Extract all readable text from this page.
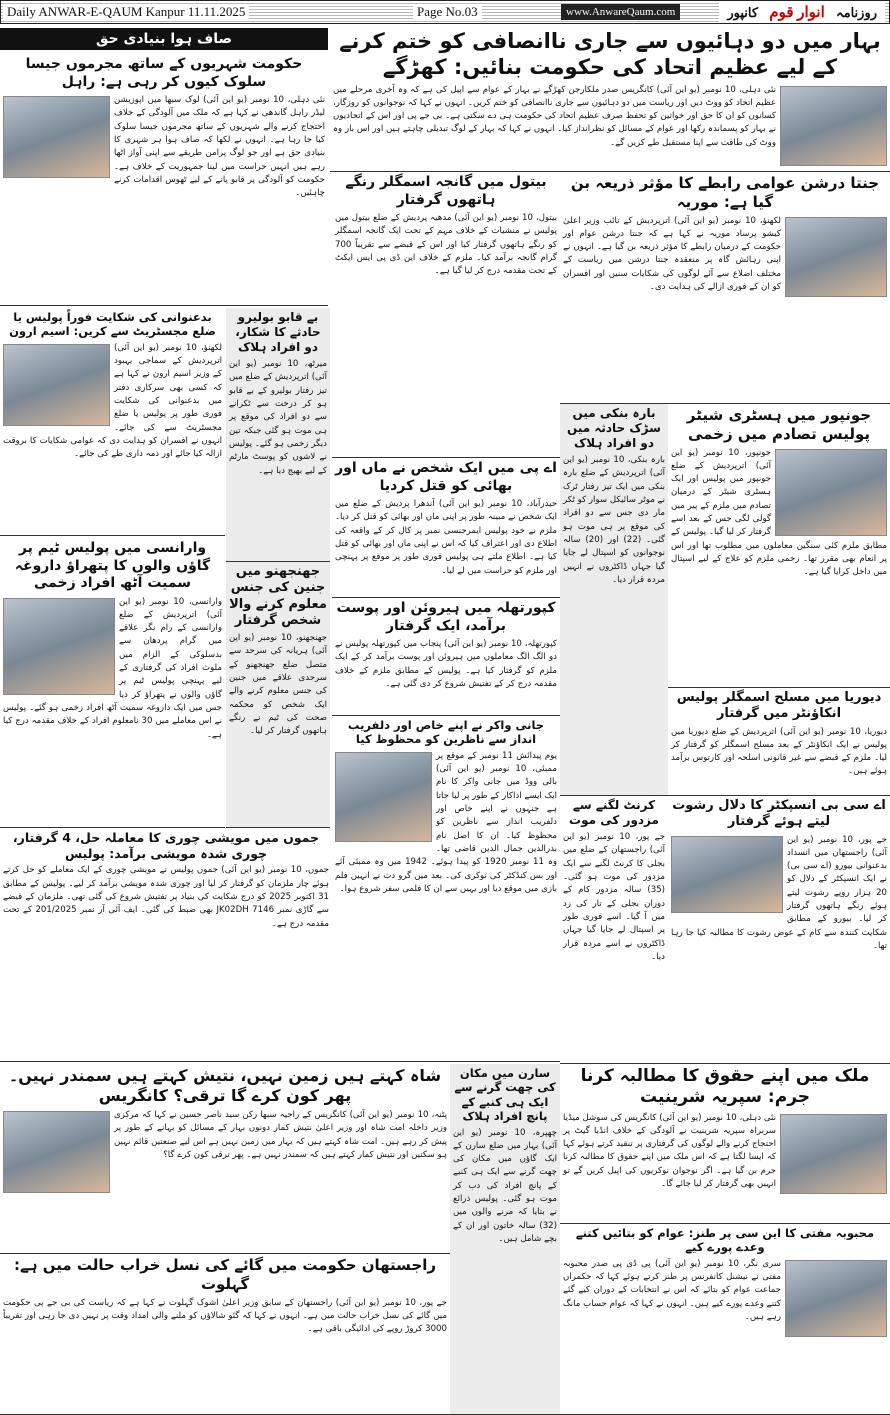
Daily ANWAR-E-QAUM Kanpur 11.11.2025	Page No.03	www.AnwareQaum.com	روزنامہ انوار قوم کانپور
صاف ہوا بنیادی حق	بہار میں دو دہائیوں سے جاری ناانصافی کو ختم کرنے کے لیے عظیم اتحاد کی حکومت بنائیں: کھڑگے
نئی دہلی، 10 نومبر (یو این آئی) کانگریس صدر ملکارجن کھڑگے نے بہار کے عوام سے اپیل کی ہے کہ وہ آخری مرحلے میں عظیم اتحاد کو ووٹ دیں اور ریاست میں دو دہائیوں سے جاری ناانصافی کو ختم کریں۔ انہوں نے کہا کہ نوجوانوں کو روزگار، کسانوں کو ان کا حق اور خواتین کو تحفظ صرف عظیم اتحاد کی حکومت ہی دے سکتی ہے۔ بی جے پی اور اس کے اتحادیوں نے بہار کو پسماندہ رکھا اور عوام کے مسائل کو نظرانداز کیا۔ انہوں نے کہا کہ بہار کے لوگ تبدیلی چاہتے ہیں اور اس بار وہ ووٹ کی طاقت سے اپنا مستقبل طے کریں گے۔
حکومت شہریوں کے ساتھ مجرموں جیسا سلوک کیوں کر رہی ہے: راہل
نئی دہلی، 10 نومبر (یو این آئی) لوک سبھا میں اپوزیشن لیڈر راہل گاندھی نے کہا ہے کہ ملک میں آلودگی کے خلاف احتجاج کرنے والے شہریوں کے ساتھ مجرموں جیسا سلوک کیا جا رہا ہے۔ انہوں نے لکھا کہ صاف ہوا ہر شہری کا بنیادی حق ہے اور جو لوگ پرامن طریقے سے اپنی آواز اٹھا رہے ہیں انہیں حراست میں لینا جمہوریت کے خلاف ہے۔ حکومت کو آلودگی پر قابو پانے کے لیے ٹھوس اقدامات کرنے چاہئیں۔
بدعنوانی کی شکایت فوراً پولیس یا ضلع مجسٹریٹ سے کریں: اسیم ارون
لکھنؤ، 10 نومبر (یو این آئی) اترپردیش کے سماجی بہبود کے وزیر اسیم ارون نے کہا ہے کہ کسی بھی سرکاری دفتر میں بدعنوانی کی شکایت فوری طور پر پولیس یا ضلع مجسٹریٹ سے کی جائے۔ انہوں نے افسران کو ہدایت دی کہ عوامی شکایات کا بروقت ازالہ کیا جائے اور ذمہ داری طے کی جائے۔
بے قابو بولیرو حادثے کا شکار، دو افراد ہلاک
میرٹھ، 10 نومبر (یو این آئی) اترپردیش کے ضلع میں تیز رفتار بولیرو کے بے قابو ہو کر درخت سے ٹکرانے سے دو افراد کی موقع پر ہی موت ہو گئی جبکہ تین دیگر زخمی ہو گئے۔ پولیس نے لاشوں کو پوسٹ مارٹم کے لیے بھیج دیا ہے۔
جھنجھنو میں جنین کی جنس معلوم کرنے والا شخص گرفتار
جھنجھنو، 10 نومبر (یو این آئی) ہریانہ کی سرحد سے متصل ضلع جھنجھنو کے سرحدی علاقے میں جنین کی جنس معلوم کرنے والے ایک شخص کو محکمہ صحت کی ٹیم نے رنگے ہاتھوں گرفتار کر لیا۔
وارانسی میں پولیس ٹیم پر گاؤں والوں کا پتھراؤ داروغہ سمیت آٹھ افراد زخمی
وارانسی، 10 نومبر (یو این آئی) اترپردیش کے ضلع وارانسی کے رام نگر علاقے میں گرام پردھان سے بدسلوکی کے الزام میں ملوث افراد کی گرفتاری کے لیے پہنچی پولیس ٹیم پر گاؤں والوں نے پتھراؤ کر دیا جس میں ایک داروغہ سمیت آٹھ افراد زخمی ہو گئے۔ پولیس نے اس معاملے میں 30 نامعلوم افراد کے خلاف مقدمہ درج کیا ہے۔
جنتا درشن عوامی رابطے کا مؤثر ذریعہ بن گیا ہے: موریہ
لکھنؤ، 10 نومبر (یو این آئی) اترپردیش کے نائب وزیر اعلیٰ کیشو پرساد موریہ نے کہا ہے کہ جنتا درشن عوام اور حکومت کے درمیان رابطے کا مؤثر ذریعہ بن گیا ہے۔ انہوں نے اپنی رہائش گاہ پر منعقدہ جنتا درشن میں ریاست کے مختلف اضلاع سے آئے لوگوں کی شکایات سنیں اور افسران کو ان کے فوری ازالے کی ہدایت دی۔
بیتول میں گانجہ اسمگلر رنگے ہاتھوں گرفتار
بیتول، 10 نومبر (یو این آئی) مدھیہ پردیش کے ضلع بیتول میں پولیس نے منشیات کے خلاف مہم کے تحت ایک گانجہ اسمگلر کو رنگے ہاتھوں گرفتار کیا اور اس کے قبضے سے تقریباً 700 گرام گانجہ برآمد کیا۔ ملزم کے خلاف این ڈی پی ایس ایکٹ کے تحت مقدمہ درج کر لیا گیا ہے۔
اے پی میں ایک شخص نے ماں اور بھائی کو قتل کردیا
حیدرآباد، 10 نومبر (یو این آئی) آندھرا پردیش کے ضلع میں ایک شخص نے مبینہ طور پر اپنی ماں اور بھائی کو قتل کر دیا۔ ملزم نے خود پولیس ایمرجنسی نمبر پر کال کر کے واقعہ کی اطلاع دی اور اعتراف کیا کہ اس نے اپنی ماں اور بھائی کو قتل کیا ہے۔ اطلاع ملتے ہی پولیس فوری طور پر موقع پر پہنچی اور ملزم کو حراست میں لے لیا۔
کپورتھلہ میں ہیروئن اور پوست برآمد، ایک گرفتار
کپورتھلہ، 10 نومبر (یو این آئی) پنجاب میں کپورتھلہ پولیس نے دو الگ الگ معاملوں میں ہیروئن اور پوست برآمد کر کے ایک ملزم کو گرفتار کیا ہے۔ پولیس کے مطابق ملزم کے خلاف مقدمہ درج کر کے تفتیش شروع کر دی گئی ہے۔
جانی واکر نے اپنے خاص اور دلفریب انداز سے ناظرین کو محظوظ کیا
یوم پیدائش 11 نومبر کے موقع پر ممبئی، 10 نومبر (یو این آئی) بالی ووڈ میں جانی واکر کا نام ایک ایسے اداکار کے طور پر لیا جاتا ہے جنہوں نے اپنے خاص اور دلفریب انداز سے ناظرین کو محظوظ کیا۔ ان کا اصل نام بدرالدین جمال الدین قاضی تھا۔ وہ 11 نومبر 1920 کو پیدا ہوئے۔ 1942 میں وہ ممبئی آئے اور بس کنڈکٹر کی نوکری کی۔ بعد میں گرو دت نے انہیں فلم بازی میں موقع دیا اور یہیں سے ان کا فلمی سفر شروع ہوا۔
بارہ بنکی میں سڑک حادثہ میں دو افراد ہلاک
بارہ بنکی، 10 نومبر (یو این آئی) اترپردیش کے ضلع بارہ بنکی میں ایک تیز رفتار ٹرک نے موٹر سائیکل سوار کو ٹکر مار دی جس سے دو افراد کی موقع پر ہی موت ہو گئی۔ (22) اور (20) سالہ نوجوانوں کو اسپتال لے جایا گیا جہاں ڈاکٹروں نے انہیں مردہ قرار دیا۔
جونپور میں ہسٹری شیٹر پولیس تصادم میں زخمی
جونپور، 10 نومبر (یو این آئی) اترپردیش کے ضلع جونپور میں پولیس اور ایک ہسٹری شیٹر کے درمیان تصادم میں ملزم کے پیر میں گولی لگی جس کے بعد اسے گرفتار کر لیا گیا۔ پولیس کے مطابق ملزم کئی سنگین معاملوں میں مطلوب تھا اور اس پر انعام بھی مقرر تھا۔ زخمی ملزم کو علاج کے لیے اسپتال میں داخل کرایا گیا ہے۔
دیوریا میں مسلح اسمگلر پولیس انکاؤنٹر میں گرفتار
دیوریا، 10 نومبر (یو این آئی) اترپردیش کے ضلع دیوریا میں پولیس نے ایک انکاؤنٹر کے بعد مسلح اسمگلر کو گرفتار کر لیا۔ ملزم کے قبضے سے غیر قانونی اسلحہ اور کارتوس برآمد ہوئے ہیں۔
کرنٹ لگنے سے مزدور کی موت
جے پور، 10 نومبر (یو این آئی) راجستھان کے ضلع میں بجلی کا کرنٹ لگنے سے ایک مزدور کی موت ہو گئی۔ (35) سالہ مزدور کام کے دوران بجلی کے تار کی زد میں آ گیا۔ اسے فوری طور پر اسپتال لے جایا گیا جہاں ڈاکٹروں نے اسے مردہ قرار دیا۔
اے سی بی انسپکٹر کا دلال رشوت لیتے ہوئے گرفتار
جے پور، 10 نومبر (یو این آئی) راجستھان میں انسداد بدعنوانی بیورو (اے سی بی) نے ایک انسپکٹر کے دلال کو 20 ہزار روپے رشوت لیتے ہوئے رنگے ہاتھوں گرفتار کر لیا۔ بیورو کے مطابق شکایت کنندہ سے کام کے عوض رشوت کا مطالبہ کیا جا رہا تھا۔
جموں میں مویشی چوری کا معاملہ حل، 4 گرفتار، چوری شدہ مویشی برآمد: پولیس
جموں، 10 نومبر (یو این آئی) جموں پولیس نے مویشی چوری کے ایک معاملے کو حل کرتے ہوئے چار ملزمان کو گرفتار کر لیا اور چوری شدہ مویشی برآمد کر لیے۔ پولیس کے مطابق 31 اکتوبر 2025 کو درج شکایت کی بنیاد پر تفتیش شروع کی گئی تھی۔ ملزمان کے قبضے سے گاڑی نمبر JK02DH 7146 بھی ضبط کی گئی۔ ایف آئی آر نمبر 201/2025 کے تحت مقدمہ درج ہے۔
شاہ کہتے ہیں زمین نہیں، نتیش کہتے ہیں سمندر نہیں۔ پھر کون کرے گا ترقی؟ کانگریس
پٹنہ، 10 نومبر (یو این آئی) کانگریس کے راجیہ سبھا رکن سید ناصر حسین نے کہا کہ مرکزی وزیر داخلہ امت شاہ اور وزیر اعلیٰ نتیش کمار دونوں بہار کے مسائل کو بہانے کے طور پر پیش کر رہے ہیں۔ امت شاہ کہتے ہیں کہ بہار میں زمین نہیں ہے اس لیے صنعتیں قائم نہیں ہو سکتیں اور نتیش کمار کہتے ہیں کہ سمندر نہیں ہے۔ پھر ترقی کون کرے گا؟
سارن میں مکان کی چھت گرنے سے ایک ہی کنبے کے پانچ افراد ہلاک
چھپرہ، 10 نومبر (یو این آئی) بہار میں ضلع سارن کے ایک گاؤں میں مکان کی چھت گرنے سے ایک ہی کنبے کے پانچ افراد کی دب کر موت ہو گئی۔ پولیس ذرائع نے بتایا کہ مرنے والوں میں (32) سالہ خاتون اور ان کے بچے شامل ہیں۔
ملک میں اپنے حقوق کا مطالبہ کرنا جرم: سپریہ شرینیت
نئی دہلی، 10 نومبر (یو این آئی) کانگریس کی سوشل میڈیا سربراہ سپریہ شرینیت نے آلودگی کے خلاف انڈیا گیٹ پر احتجاج کرنے والے لوگوں کی گرفتاری پر تنقید کرتے ہوئے کہا کہ ایسا لگتا ہے کہ اس ملک میں اپنے حقوق کا مطالبہ کرنا جرم بن گیا ہے۔ اگر نوجوان نوکریوں کی اپیل کریں گے تو انہیں بھی گرفتار کر لیا جائے گا۔
محبوبہ مفتی کا این سی پر طنز: عوام کو بتائیں کتنے وعدے پورے کیے
سری نگر، 10 نومبر (یو این آئی) پی ڈی پی صدر محبوبہ مفتی نے نیشنل کانفرنس پر طنز کرتے ہوئے کہا کہ حکمراں جماعت عوام کو بتائے کہ اس نے انتخابات کے دوران کیے گئے کتنے وعدے پورے کیے ہیں۔ انہوں نے کہا کہ عوام حساب مانگ رہے ہیں۔
راجستھان حکومت میں گائے کی نسل خراب حالت میں ہے: گہلوت
جے پور، 10 نومبر (یو این آئی) راجستھان کے سابق وزیر اعلیٰ اشوک گہلوت نے کہا ہے کہ ریاست کی بی جے پی حکومت میں گائے کی نسل خراب حالت میں ہے۔ انہوں نے کہا کہ گئو شالاؤں کو ملنے والی امداد وقت پر نہیں دی جا رہی اور تقریباً 3000 کروڑ روپے کی ادائیگی باقی ہے۔
